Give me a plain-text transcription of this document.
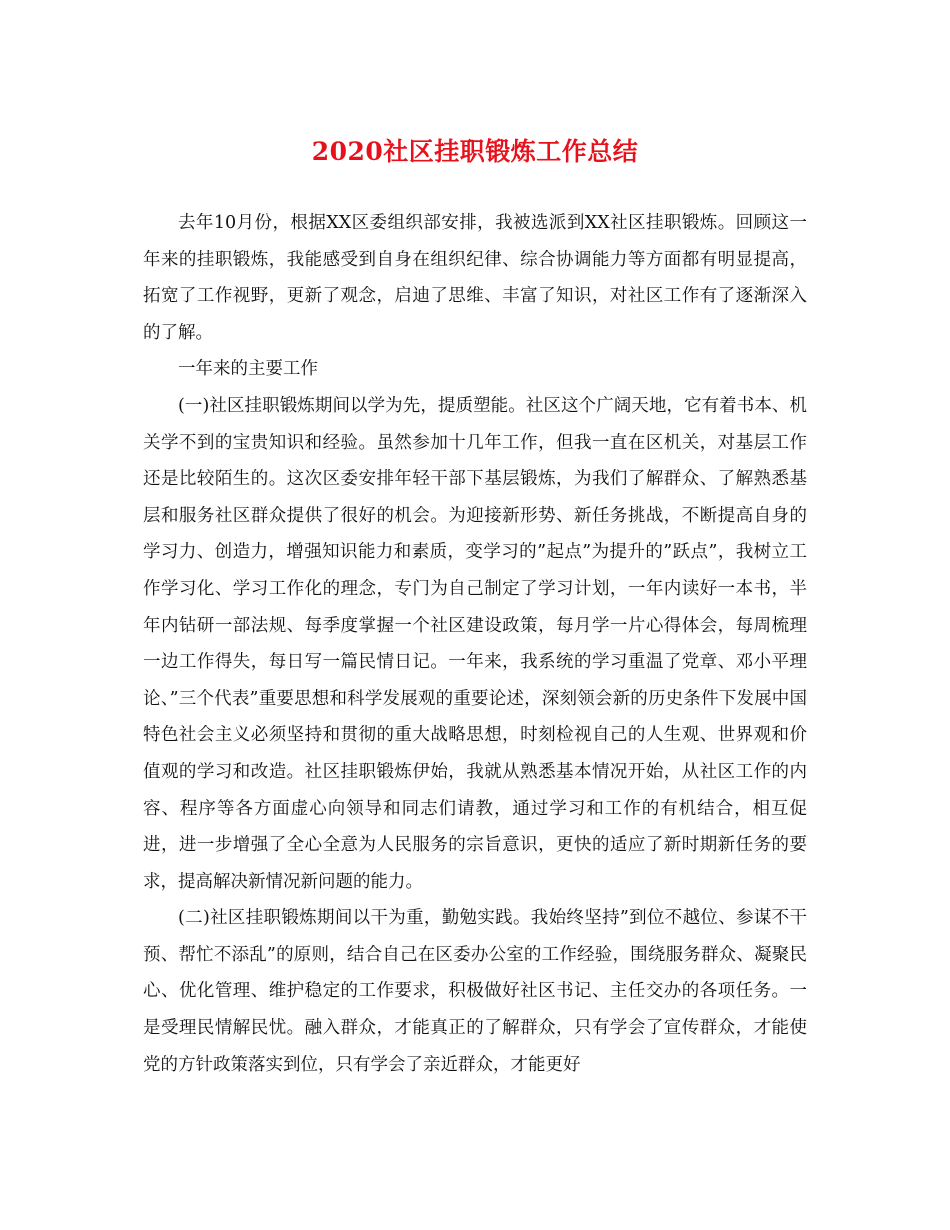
2020社区挂职锻炼工作总结

去年10月份，根据XX区委组织部安排，我被选派到XX社区挂职锻炼。回顾这一年来的挂职锻炼，我能感受到自身在组织纪律、综合协调能力等方面都有明显提高，拓宽了工作视野，更新了观念，启迪了思维、丰富了知识，对社区工作有了逐渐深入的了解。

一年来的主要工作

(一)社区挂职锻炼期间以学为先，提质塑能。社区这个广阔天地，它有着书本、机关学不到的宝贵知识和经验。虽然参加十几年工作，但我一直在区机关，对基层工作还是比较陌生的。这次区委安排年轻干部下基层锻炼，为我们了解群众、了解熟悉基层和服务社区群众提供了很好的机会。为迎接新形势、新任务挑战，不断提高自身的学习力、创造力，增强知识能力和素质，变学习的”起点”为提升的”跃点”，我树立工作学习化、学习工作化的理念，专门为自己制定了学习计划，一年内读好一本书，半年内钻研一部法规、每季度掌握一个社区建设政策，每月学一片心得体会，每周梳理一边工作得失，每日写一篇民情日记。一年来，我系统的学习重温了党章、邓小平理论、”三个代表”重要思想和科学发展观的重要论述，深刻领会新的历史条件下发展中国特色社会主义必须坚持和贯彻的重大战略思想，时刻检视自己的人生观、世界观和价值观的学习和改造。社区挂职锻炼伊始，我就从熟悉基本情况开始，从社区工作的内容、程序等各方面虚心向领导和同志们请教，通过学习和工作的有机结合，相互促进，进一步增强了全心全意为人民服务的宗旨意识，更快的适应了新时期新任务的要求，提高解决新情况新问题的能力。

(二)社区挂职锻炼期间以干为重，勤勉实践。我始终坚持”到位不越位、参谋不干预、帮忙不添乱”的原则，结合自己在区委办公室的工作经验，围绕服务群众、凝聚民心、优化管理、维护稳定的工作要求，积极做好社区书记、主任交办的各项任务。一是受理民情解民忧。融入群众，才能真正的了解群众，只有学会了宣传群众，才能使党的方针政策落实到位，只有学会了亲近群众，才能更好
